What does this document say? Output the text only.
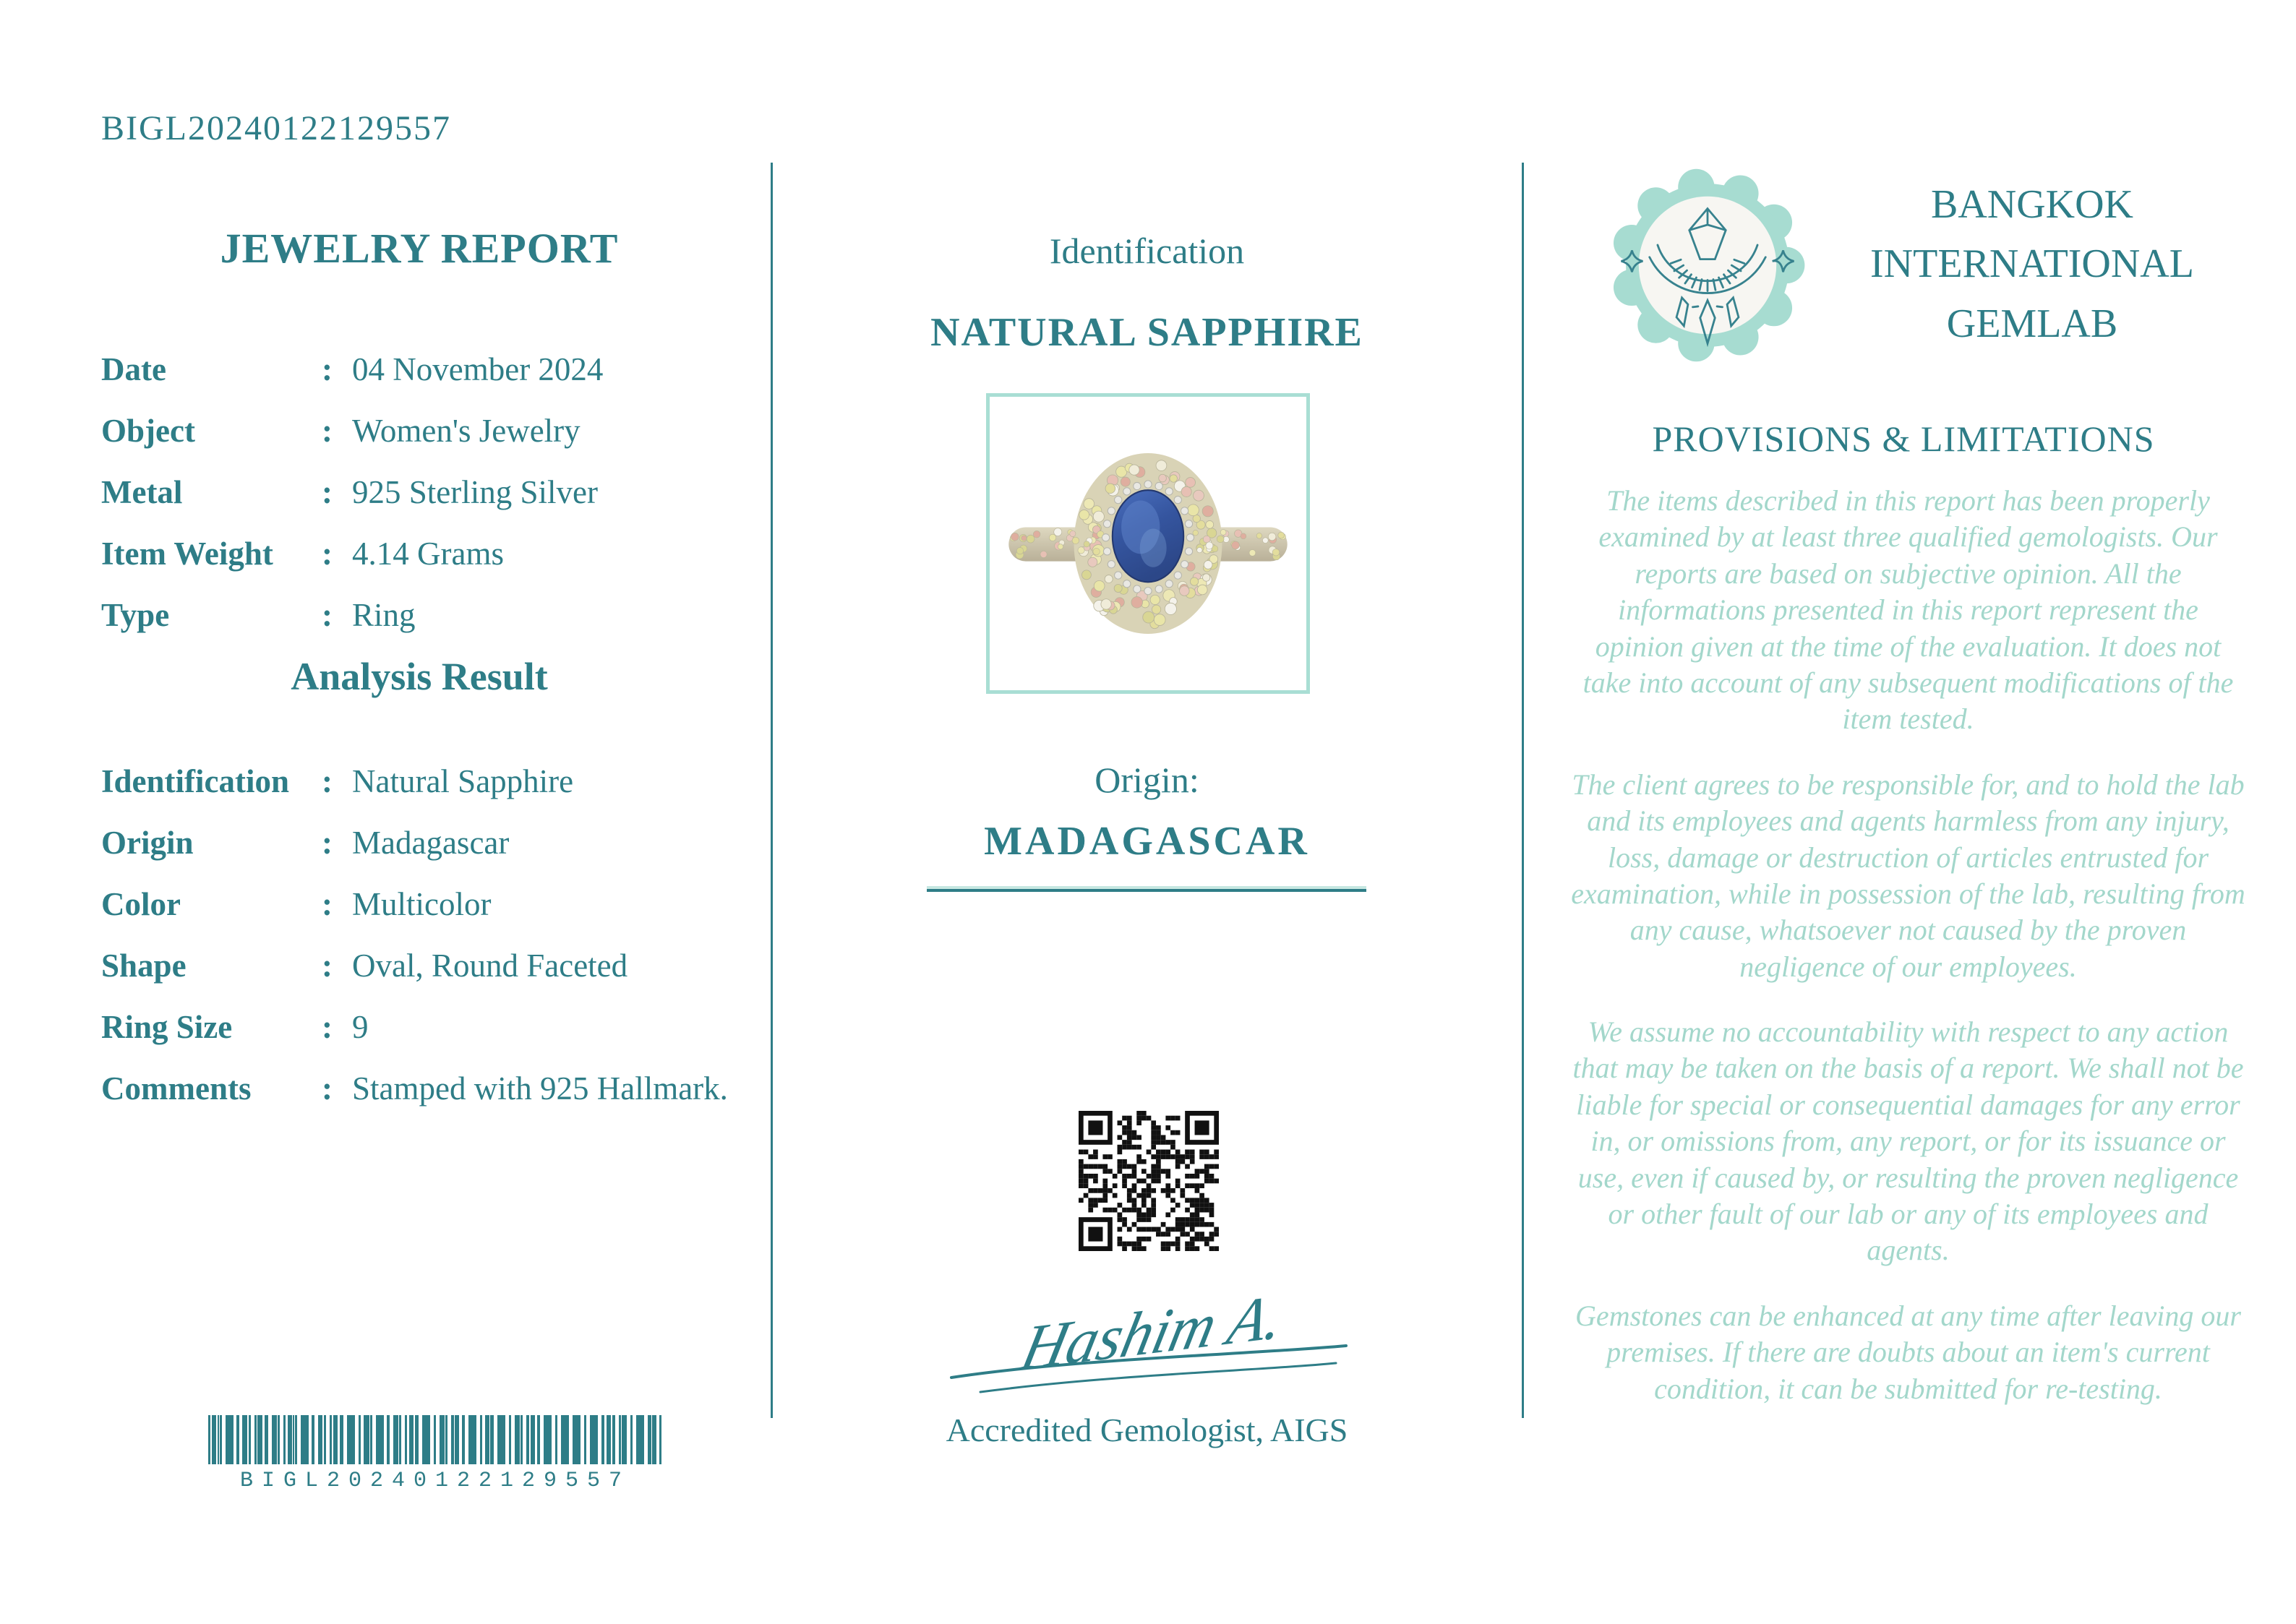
BIGL20240122129557
JEWELRY REPORT
Date	: 04 November 2024
Object	: Women's Jewelry
Metal	: 925 Sterling Silver
Item Weight	: 4.14 Grams
Type	: Ring
Analysis Result
Identification : Natural Sapphire
Origin	: Madagascar
Color	: Multicolor
Shape	: Oval, Round Faceted
Ring Size	: 9
Comments	: Stamped with 925 Hallmark.
BIGL20240122129557
Identification
NATURAL SAPPHIRE
Origin:
MADAGASCAR
Hashim A.
Accredited Gemologist, AIGS
BANGKOK
INTERNATIONAL
GEMLAB
PROVISIONS & LIMITATIONS

The items described in this report has been properly examined by at least three qualified gemologists. Our reports are based on subjective opinion. All the informations presented in this report represent the opinion given at the time of the evaluation. It does not take into account of any subsequent modifications of the item tested.

The client agrees to be responsible for, and to hold the lab and its employees and agents harmless from any injury, loss, damage or destruction of articles entrusted for examination, while in possession of the lab, resulting from any cause, whatsoever not caused by the proven negligence of our employees.

We assume no accountability with respect to any action that may be taken on the basis of a report. We shall not be liable for special or consequential damages for any error in, or omissions from, any report, or for its issuance or use, even if caused by, or resulting the proven negligence or other fault of our lab or any of its employees and agents.

Gemstones can be enhanced at any time after leaving our premises. If there are doubts about an item's current condition, it can be submitted for re-testing.
